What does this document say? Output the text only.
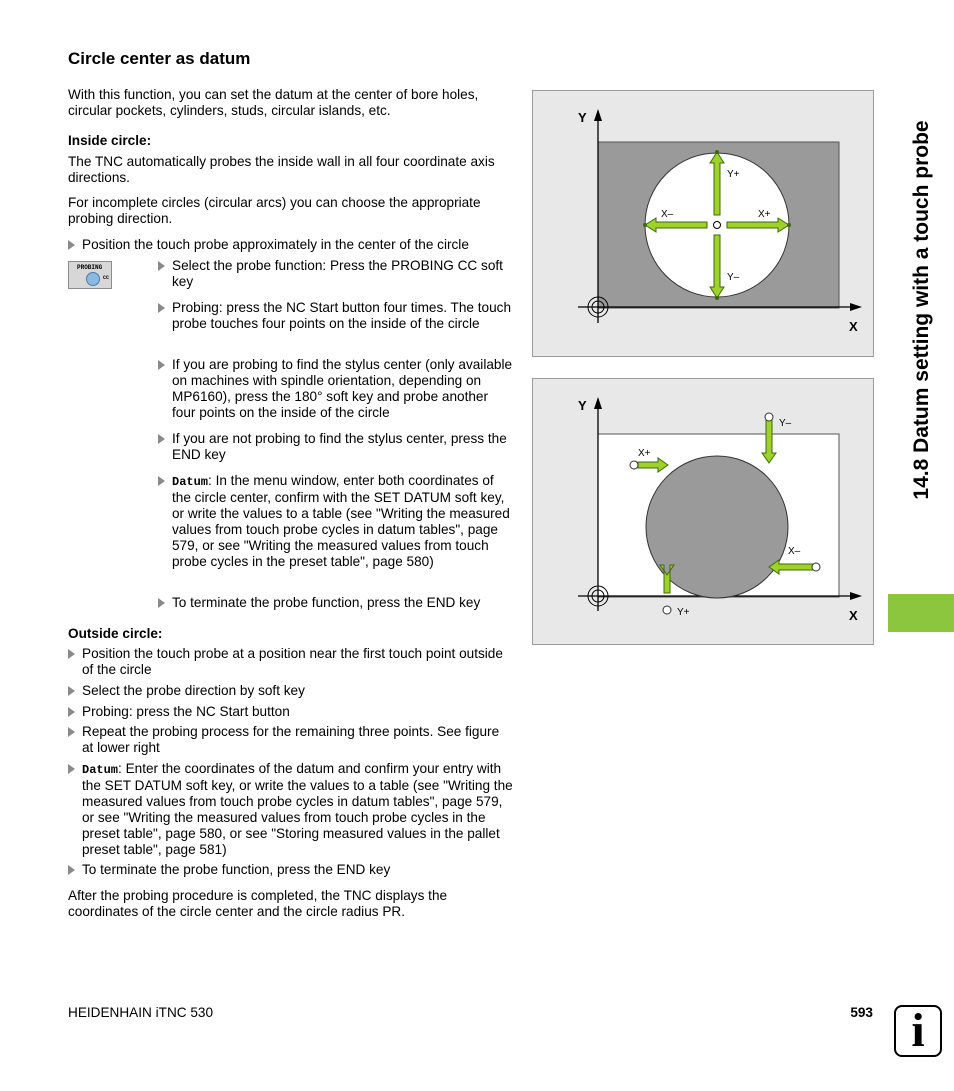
Circle center as datum
With this function, you can set the datum at the center of bore holes, circular pockets, cylinders, studs, circular islands, etc.
Inside circle:
The TNC automatically probes the inside wall in all four coordinate axis directions.
For incomplete circles (circular arcs) you can choose the appropriate probing direction.
Position the touch probe approximately in the center of the circle
PROBING
CC
Select the probe function: Press the PROBING CC soft key
Probing: press the NC Start button four times. The touch probe touches four points on the inside of the circle
If you are probing to find the stylus center (only available on machines with spindle orientation, depending on MP6160), press the 180° soft key and probe another four points on the inside of the circle
If you are not probing to find the stylus center, press the END key
Datum: In the menu window, enter both coordinates of the circle center, confirm with the SET DATUM soft key, or write the values to a table (see "Writing the measured values from touch probe cycles in datum tables", page 579, or see "Writing the measured values from touch probe cycles in the preset table", page 580)
To terminate the probe function, press the END key
Outside circle:
Position the touch probe at a position near the first touch point outside of the circle
Select the probe direction by soft key
Probing: press the NC Start button
Repeat the probing process for the remaining three points. See figure at lower right
Datum: Enter the coordinates of the datum and confirm your entry with the SET DATUM soft key, or write the values to a table (see "Writing the measured values from touch probe cycles in datum tables", page 579, or see "Writing the measured values from touch probe cycles in the preset table", page 580, or see "Storing measured values in the pallet preset table", page 581)
To terminate the probe function, press the END key
After the probing procedure is completed, the TNC displays the coordinates of the circle center and the circle radius PR.
Y
X
Y+
Y–
X–	X+
Y
X
Y–
Y+
X+
X–
14.8 Datum setting with a touch probe
HEIDENHAIN iTNC 530	593 i
